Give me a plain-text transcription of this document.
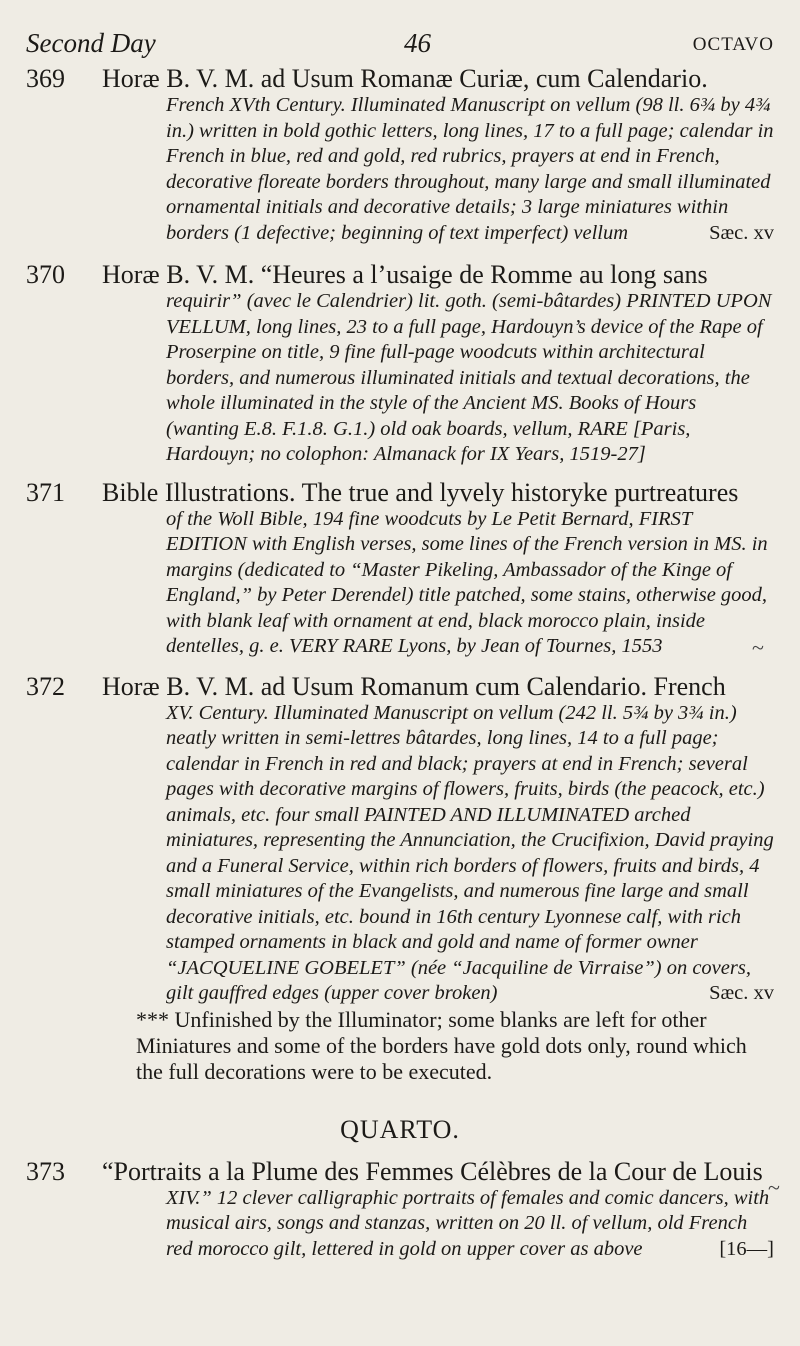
Second Day	46	OCTAVO
369 Horæ B. V. M. ad Usum Romanæ Curiæ, cum Calendario.
French XVth Century. Illuminated Manuscript on vellum (98 ll. 6¾ by 4¾ in.) written in bold gothic letters, long lines, 17 to a full page; calendar in French in blue, red and gold, red rubrics, prayers at end in French, decorative floreate borders throughout, many large and small illuminated ornamental initials and decorative details; 3 large miniatures within borders (1 defective; beginning of text imperfect) vellum	Sæc. xv
370 Horæ B. V. M. “Heures a l’usaige de Romme au long sans
requirir” (avec le Calendrier) lit. goth. (semi-bâtardes) PRINTED UPON VELLUM, long lines, 23 to a full page, Hardouyn’s device of the Rape of Proserpine on title, 9 fine full-page woodcuts within architectural borders, and numerous illuminated initials and textual decorations, the whole illuminated in the style of the Ancient MS. Books of Hours (wanting E.8. F.1.8. G.1.) old oak boards, vellum, RARE [Paris, Hardouyn; no colophon: Almanack for IX Years, 1519-27]
371 Bible Illustrations. The true and lyvely historyke purtreatures
of the Woll Bible, 194 fine woodcuts by Le Petit Bernard, FIRST EDITION with English verses, some lines of the French version in MS. in margins (dedicated to “Master Pikeling, Ambassador of the Kinge of England,” by Peter Derendel) title patched, some stains, otherwise good, with blank leaf with ornament at end, black morocco plain, inside dentelles, g. e. VERY RARE Lyons, by Jean of Tournes, 1553
372 Horæ B. V. M. ad Usum Romanum cum Calendario. French
XV. Century. Illuminated Manuscript on vellum (242 ll. 5¾ by 3¾ in.) neatly written in semi-lettres bâtardes, long lines, 14 to a full page; calendar in French in red and black; prayers at end in French; several pages with decorative margins of flowers, fruits, birds (the peacock, etc.) animals, etc. four small PAINTED AND ILLUMINATED arched miniatures, representing the Annunciation, the Crucifixion, David praying and a Funeral Service, within rich borders of flowers, fruits and birds, 4 small miniatures of the Evangelists, and numerous fine large and small decorative initials, etc. bound in 16th century Lyonnese calf, with rich stamped ornaments in black and gold and name of former owner “JACQUELINE GOBELET” (née “Jacquiline de Virraise”) on covers, gilt gauffred edges (upper cover broken)	Sæc. xv
*** Unfinished by the Illuminator; some blanks are left for other Miniatures and some of the borders have gold dots only, round which the full decorations were to be executed.
QUARTO.
373 “Portraits a la Plume des Femmes Célèbres de la Cour de Louis
XIV.” 12 clever calligraphic portraits of females and comic dancers, with musical airs, songs and stanzas, written on 20 ll. of vellum, old French red morocco gilt, lettered in gold on upper cover as above	[16—]
~
~
